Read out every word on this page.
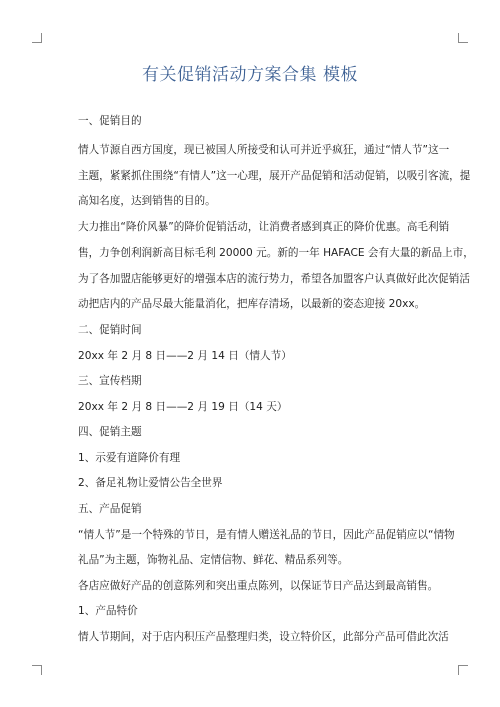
有关促销活动方案合集 模板
一、促销目的
情人节源自西方国度，现已被国人所接受和认可并近乎疯狂，通过“情人节”这一
主题，紧紧抓住围绕“有情人”这一心理，展开产品促销和活动促销，以吸引客流，提
高知名度，达到销售的目的。
大力推出“降价风暴”的降价促销活动，让消费者感到真正的降价优惠。高毛利销
售，力争创利润新高目标毛利 20000 元。新的一年 HAFACE 会有大量的新品上市，
为了各加盟店能够更好的增强本店的流行势力，希望各加盟客户认真做好此次促销活
动把店内的产品尽最大能量消化，把库存清场，以最新的姿态迎接 20xx。
二、促销时间
20xx 年 2 月 8 日——2 月 14 日（情人节）
三、宣传档期
20xx 年 2 月 8 日——2 月 19 日（14 天）
四、促销主题
1、示爱有道降价有理
2、备足礼物让爱情公告全世界
五、产品促销
“情人节”是一个特殊的节日，是有情人赠送礼品的节日，因此产品促销应以“情物
礼品”为主题，饰物礼品、定情信物、鲜花、精品系列等。
各店应做好产品的创意陈列和突出重点陈列，以保证节日产品达到最高销售。
1、产品特价
情人节期间，对于店内积压产品整理归类，设立特价区，此部分产品可借此次活
